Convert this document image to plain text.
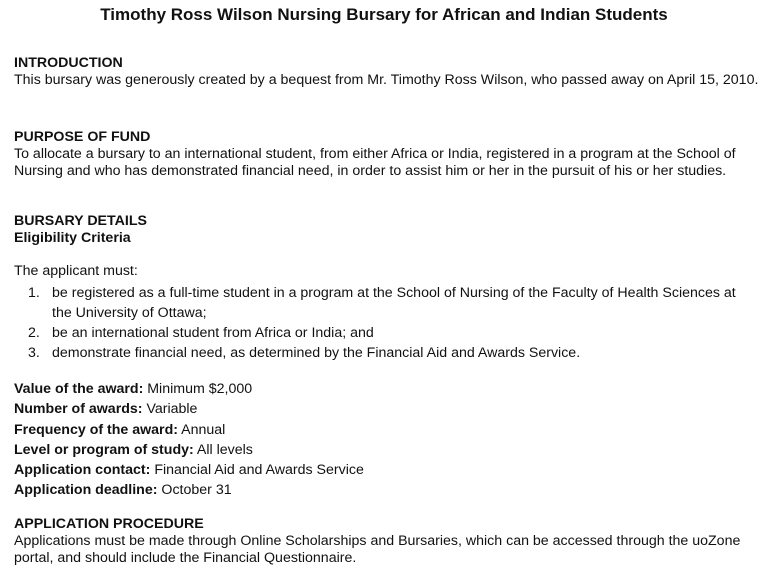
Timothy Ross Wilson Nursing Bursary for African and Indian Students
INTRODUCTION
This bursary was generously created by a bequest from Mr. Timothy Ross Wilson, who passed away on April 15, 2010.
PURPOSE OF FUND
To allocate a bursary to an international student, from either Africa or India, registered in a program at the School of Nursing and who has demonstrated financial need, in order to assist him or her in the pursuit of his or her studies.
BURSARY DETAILS
Eligibility Criteria
The applicant must:
1. be registered as a full-time student in a program at the School of Nursing of the Faculty of Health Sciences at the University of Ottawa;
2. be an international student from Africa or India; and
3. demonstrate financial need, as determined by the Financial Aid and Awards Service.
Value of the award: Minimum $2,000
Number of awards: Variable
Frequency of the award: Annual
Level or program of study: All levels
Application contact: Financial Aid and Awards Service
Application deadline: October 31
APPLICATION PROCEDURE
Applications must be made through Online Scholarships and Bursaries, which can be accessed through the uoZone portal, and should include the Financial Questionnaire.
